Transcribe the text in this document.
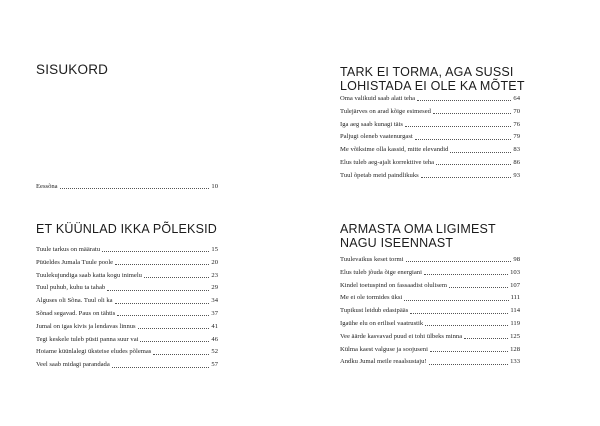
SISUKORD
Eessõna	10
ET KÜÜNLAD IKKA PÕLEKSID
Tuule tarkus on määratu	15
Püüeldes Jumala Tuule poole	20
Tuulekujundiga saab katta kogu inimelu	23
Tuul puhub, kuhu ta tahab	29
Alguses oli Sõna. Tuul oli ka	34
Sõnad segavad. Paus on tähtis	37
Jumal on igas kivis ja lendavas linnus	41
Tegi keskele tuleb püsti panna suur vai	46
Hoiame küünlalegi üksteise eludes põlemas	52
Veel saab midagi parandada	57
TARK EI TORMA, AGA SUSSI
LOHISTADA EI OLE KA MÕTET
Oma valikuid saab alati teha	64
Tulejärves on arad kõige esimesed	70
Iga aeg saab kunagi täis	76
Paljugi oleneb vaatenurgast	79
Me võiksime olla kassid, mitte elevandid	83
Elus tuleb aeg-ajalt korrektiive teha	86
Tuul õpetab meid paindlikuks	93
ARMASTA OMA LIGIMEST
NAGU ISEENNAST
Tuulevaikus keset tormi	98
Elus tuleb jõuda õige energiani	103
Kindel toetuspind on fassaadist olulisem	107
Me ei ole tormides üksi	111
Tupikust leidub edasipääs	114
Igaühe elu on erilisel vaatrustik	119
Vee äärde kasvavad puud ei tohi ülbeks minna	125
Külma kaest valguse ja soojuseni	128
Andku Jumal meile reaalsustaju!	133
